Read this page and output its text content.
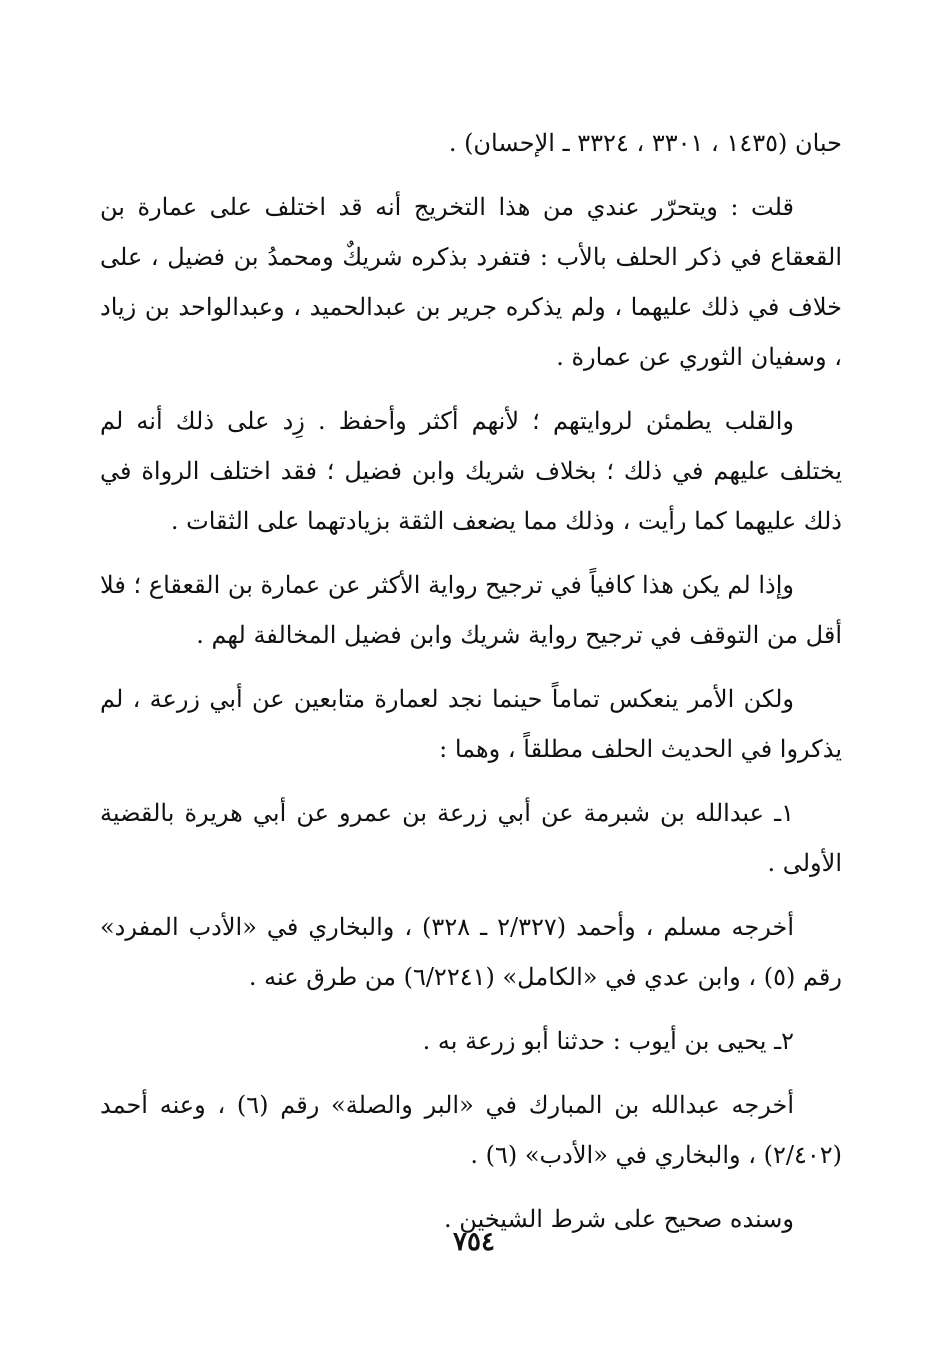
حبان (١٤٣٥ ، ٣٣٠١ ، ٣٣٢٤ ـ الإحسان) .

قلت : ويتحرّر عندي من هذا التخريج أنه قد اختلف على عمارة بن القعقاع في ذكر الحلف بالأب : فتفرد بذكره شريكٌ ومحمدُ بن فضيل ، على خلاف في ذلك عليهما ، ولم يذكره جرير بن عبدالحميد ، وعبدالواحد بن زياد ، وسفيان الثوري عن عمارة .

والقلب يطمئن لروايتهم ؛ لأنهم أكثر وأحفظ . زِد على ذلك أنه لم يختلف عليهم في ذلك ؛ بخلاف شريك وابن فضيل ؛ فقد اختلف الرواة في ذلك عليهما كما رأيت ، وذلك مما يضعف الثقة بزيادتهما على الثقات .

وإذا لم يكن هذا كافياً في ترجيح رواية الأكثر عن عمارة بن القعقاع ؛ فلا أقل من التوقف في ترجيح رواية شريك وابن فضيل المخالفة لهم .

ولكن الأمر ينعكس تماماً حينما نجد لعمارة متابعين عن أبي زرعة ، لم يذكروا في الحديث الحلف مطلقاً ، وهما :

١ـ عبدالله بن شبرمة عن أبي زرعة بن عمرو عن أبي هريرة بالقضية الأولى .

أخرجه مسلم ، وأحمد (٢/٣٢٧ ـ ٣٢٨) ، والبخاري في «الأدب المفرد» رقم (٥) ، وابن عدي في «الكامل» (٦/٢٢٤١) من طرق عنه .

٢ـ يحيى بن أيوب : حدثنا أبو زرعة به .

أخرجه عبدالله بن المبارك في «البر والصلة» رقم (٦) ، وعنه أحمد (٢/٤٠٢) ، والبخاري في «الأدب» (٦) .

وسنده صحيح على شرط الشيخين .

٧٥٤
